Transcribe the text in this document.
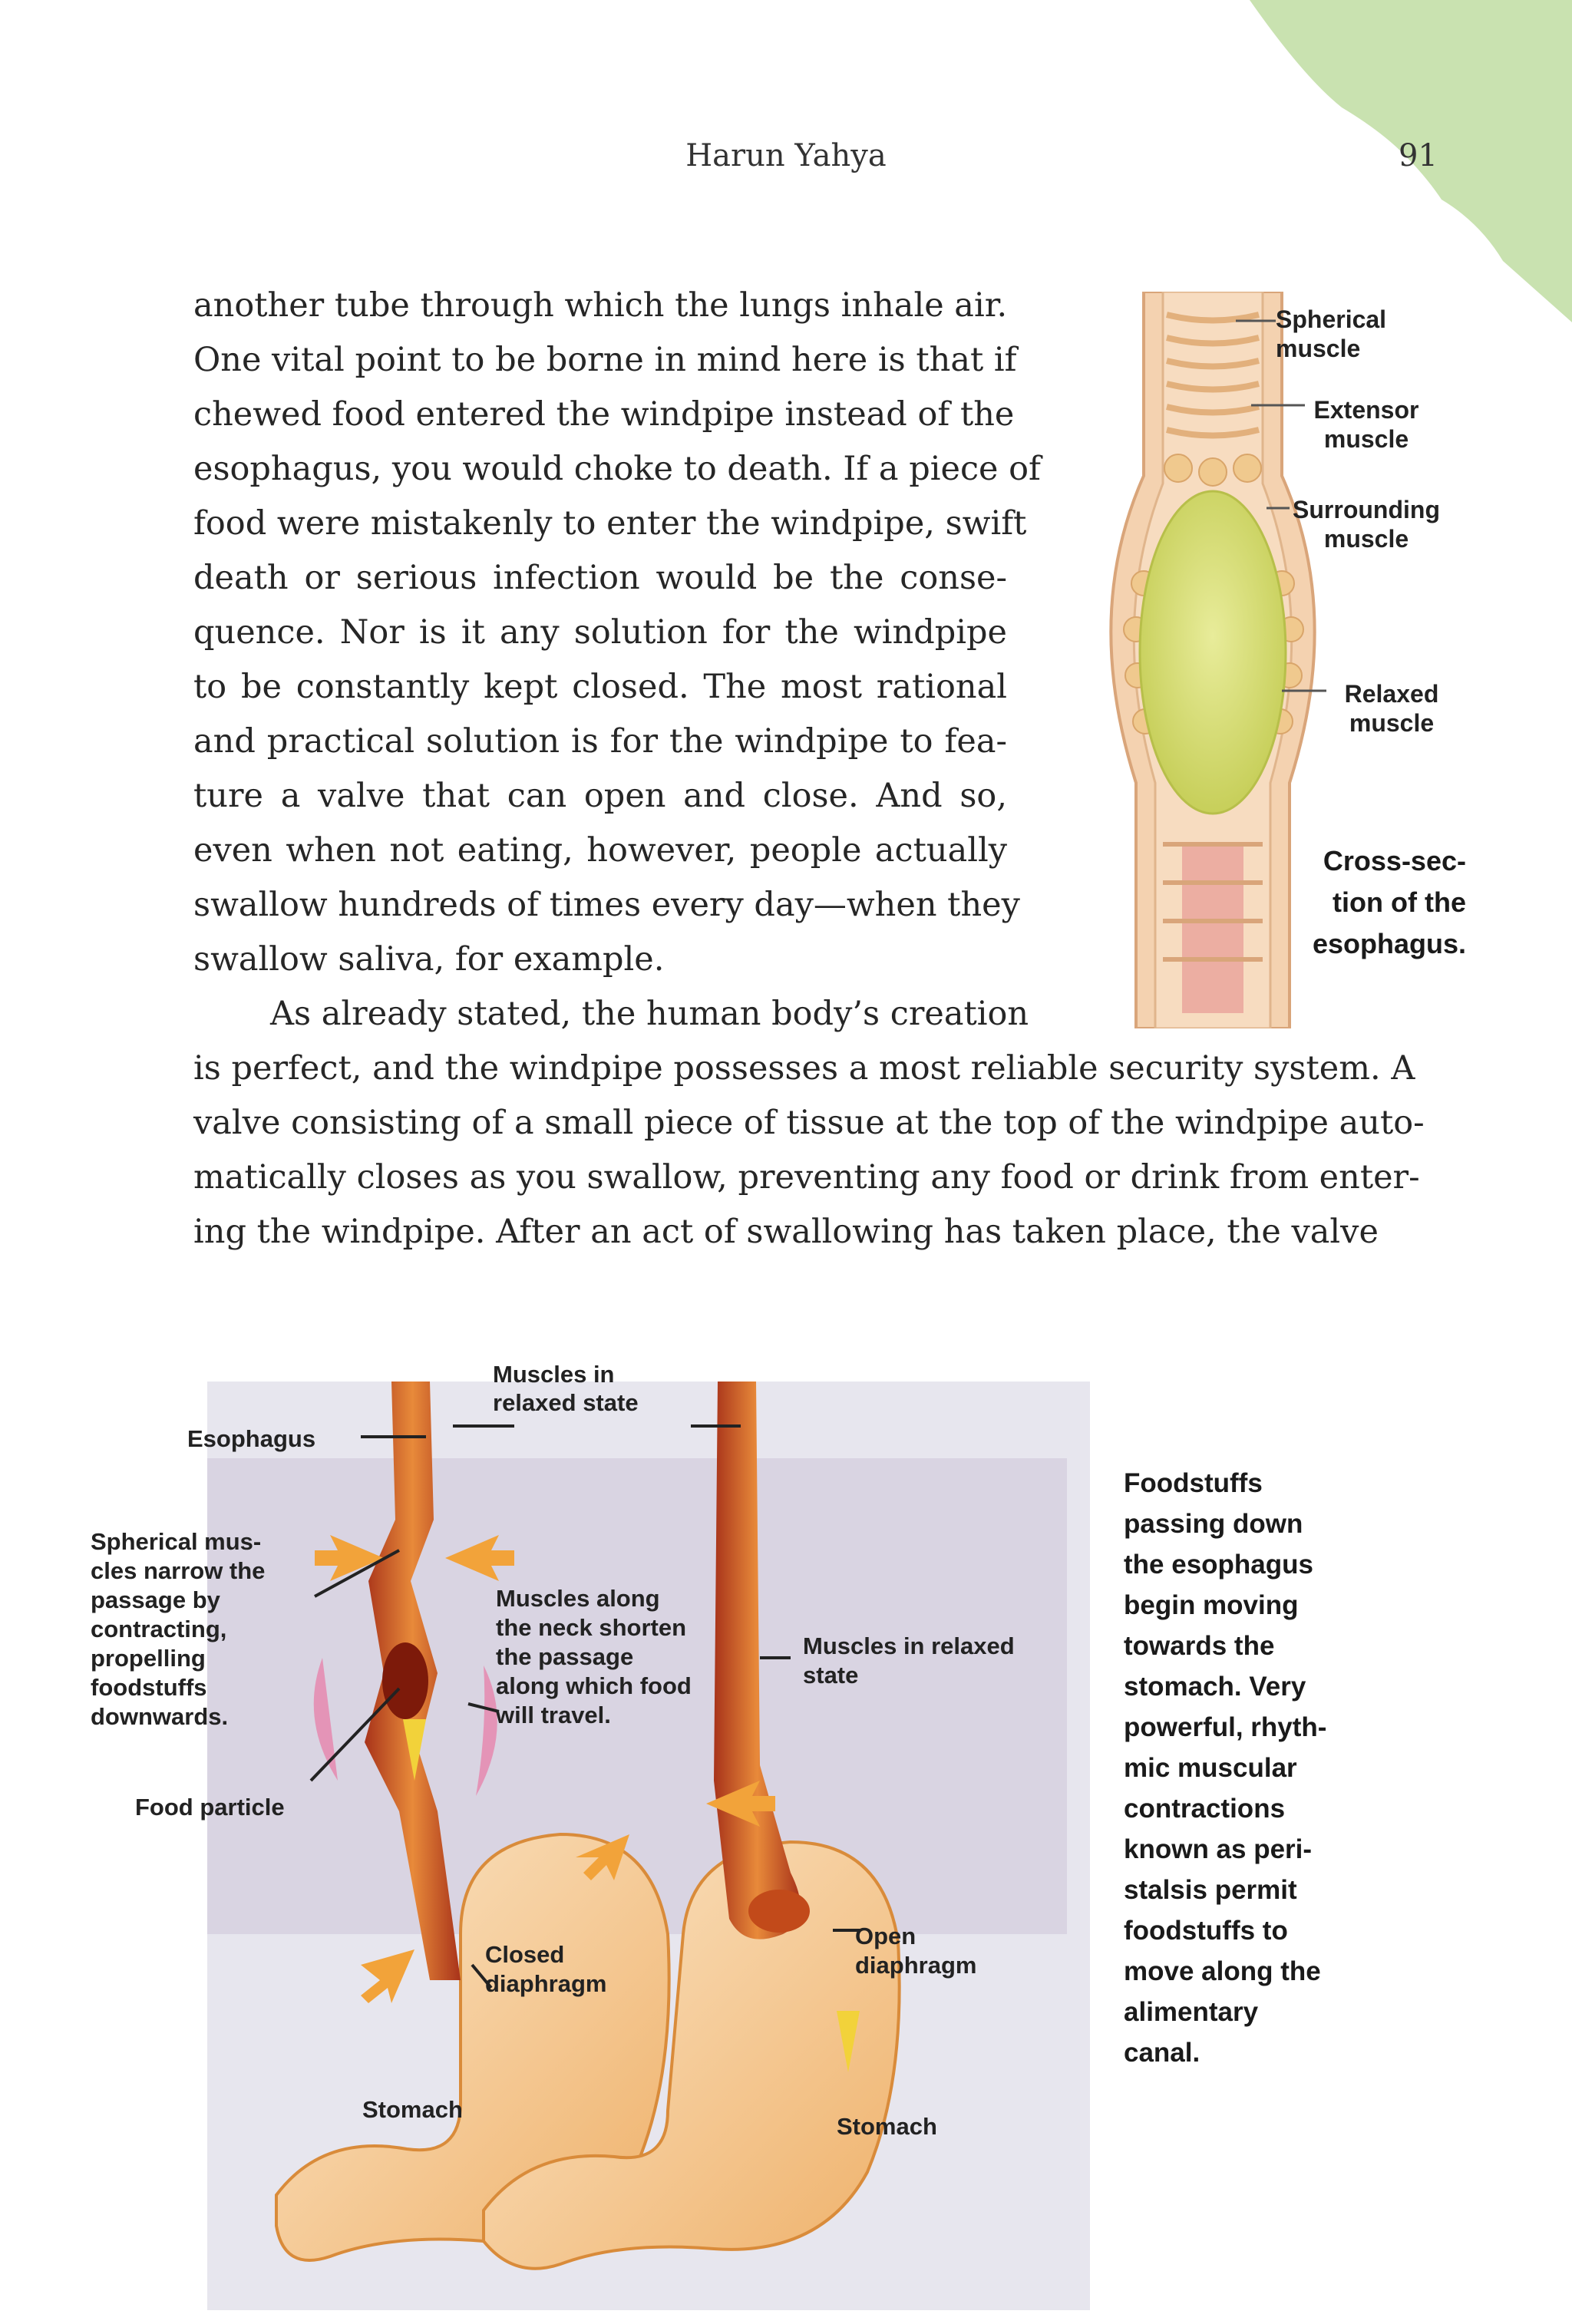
Harun Yahya	91

another tube through which the lungs inhale air.
One vital point to be borne in mind here is that if
chewed food entered the windpipe instead of the
esophagus, you would choke to death. If a piece of
food were mistakenly to enter the windpipe, swift
death or serious infection would be the conse-
quence. Nor is it any solution for the windpipe
to be constantly kept closed. The most rational
and practical solution is for the windpipe to fea-
ture a valve that can open and close. And so,
even when not eating, however, people actually
swallow hundreds of times every day—when they
swallow saliva, for example.
As already stated, the human body’s creation
is perfect, and the windpipe possesses a most reliable security system. A
valve consisting of a small piece of tissue at the top of the windpipe auto-
matically closes as you swallow, preventing any food or drink from enter-
ing the windpipe. After an act of swallowing has taken place, the valve

Spherical
muscle
Extensor
muscle
Surrounding
muscle
Relaxed
muscle
Cross-sec-
tion of the
esophagus.
Muscles in
relaxed state
Esophagus
Spherical mus-
cles narrow the
passage by
contracting,
propelling
foodstuffs
downwards.
Muscles along
the neck shorten
the passage
along which food
will travel.
Muscles in relaxed
state
Food particle
Closed
diaphragm
Open
diaphragm
Stomach
Stomach
Foodstuffs
passing down
the esophagus
begin moving
towards the
stomach. Very
powerful, rhyth-
mic muscular
contractions
known as peri-
stalsis permit
foodstuffs to
move along the
alimentary
canal.
